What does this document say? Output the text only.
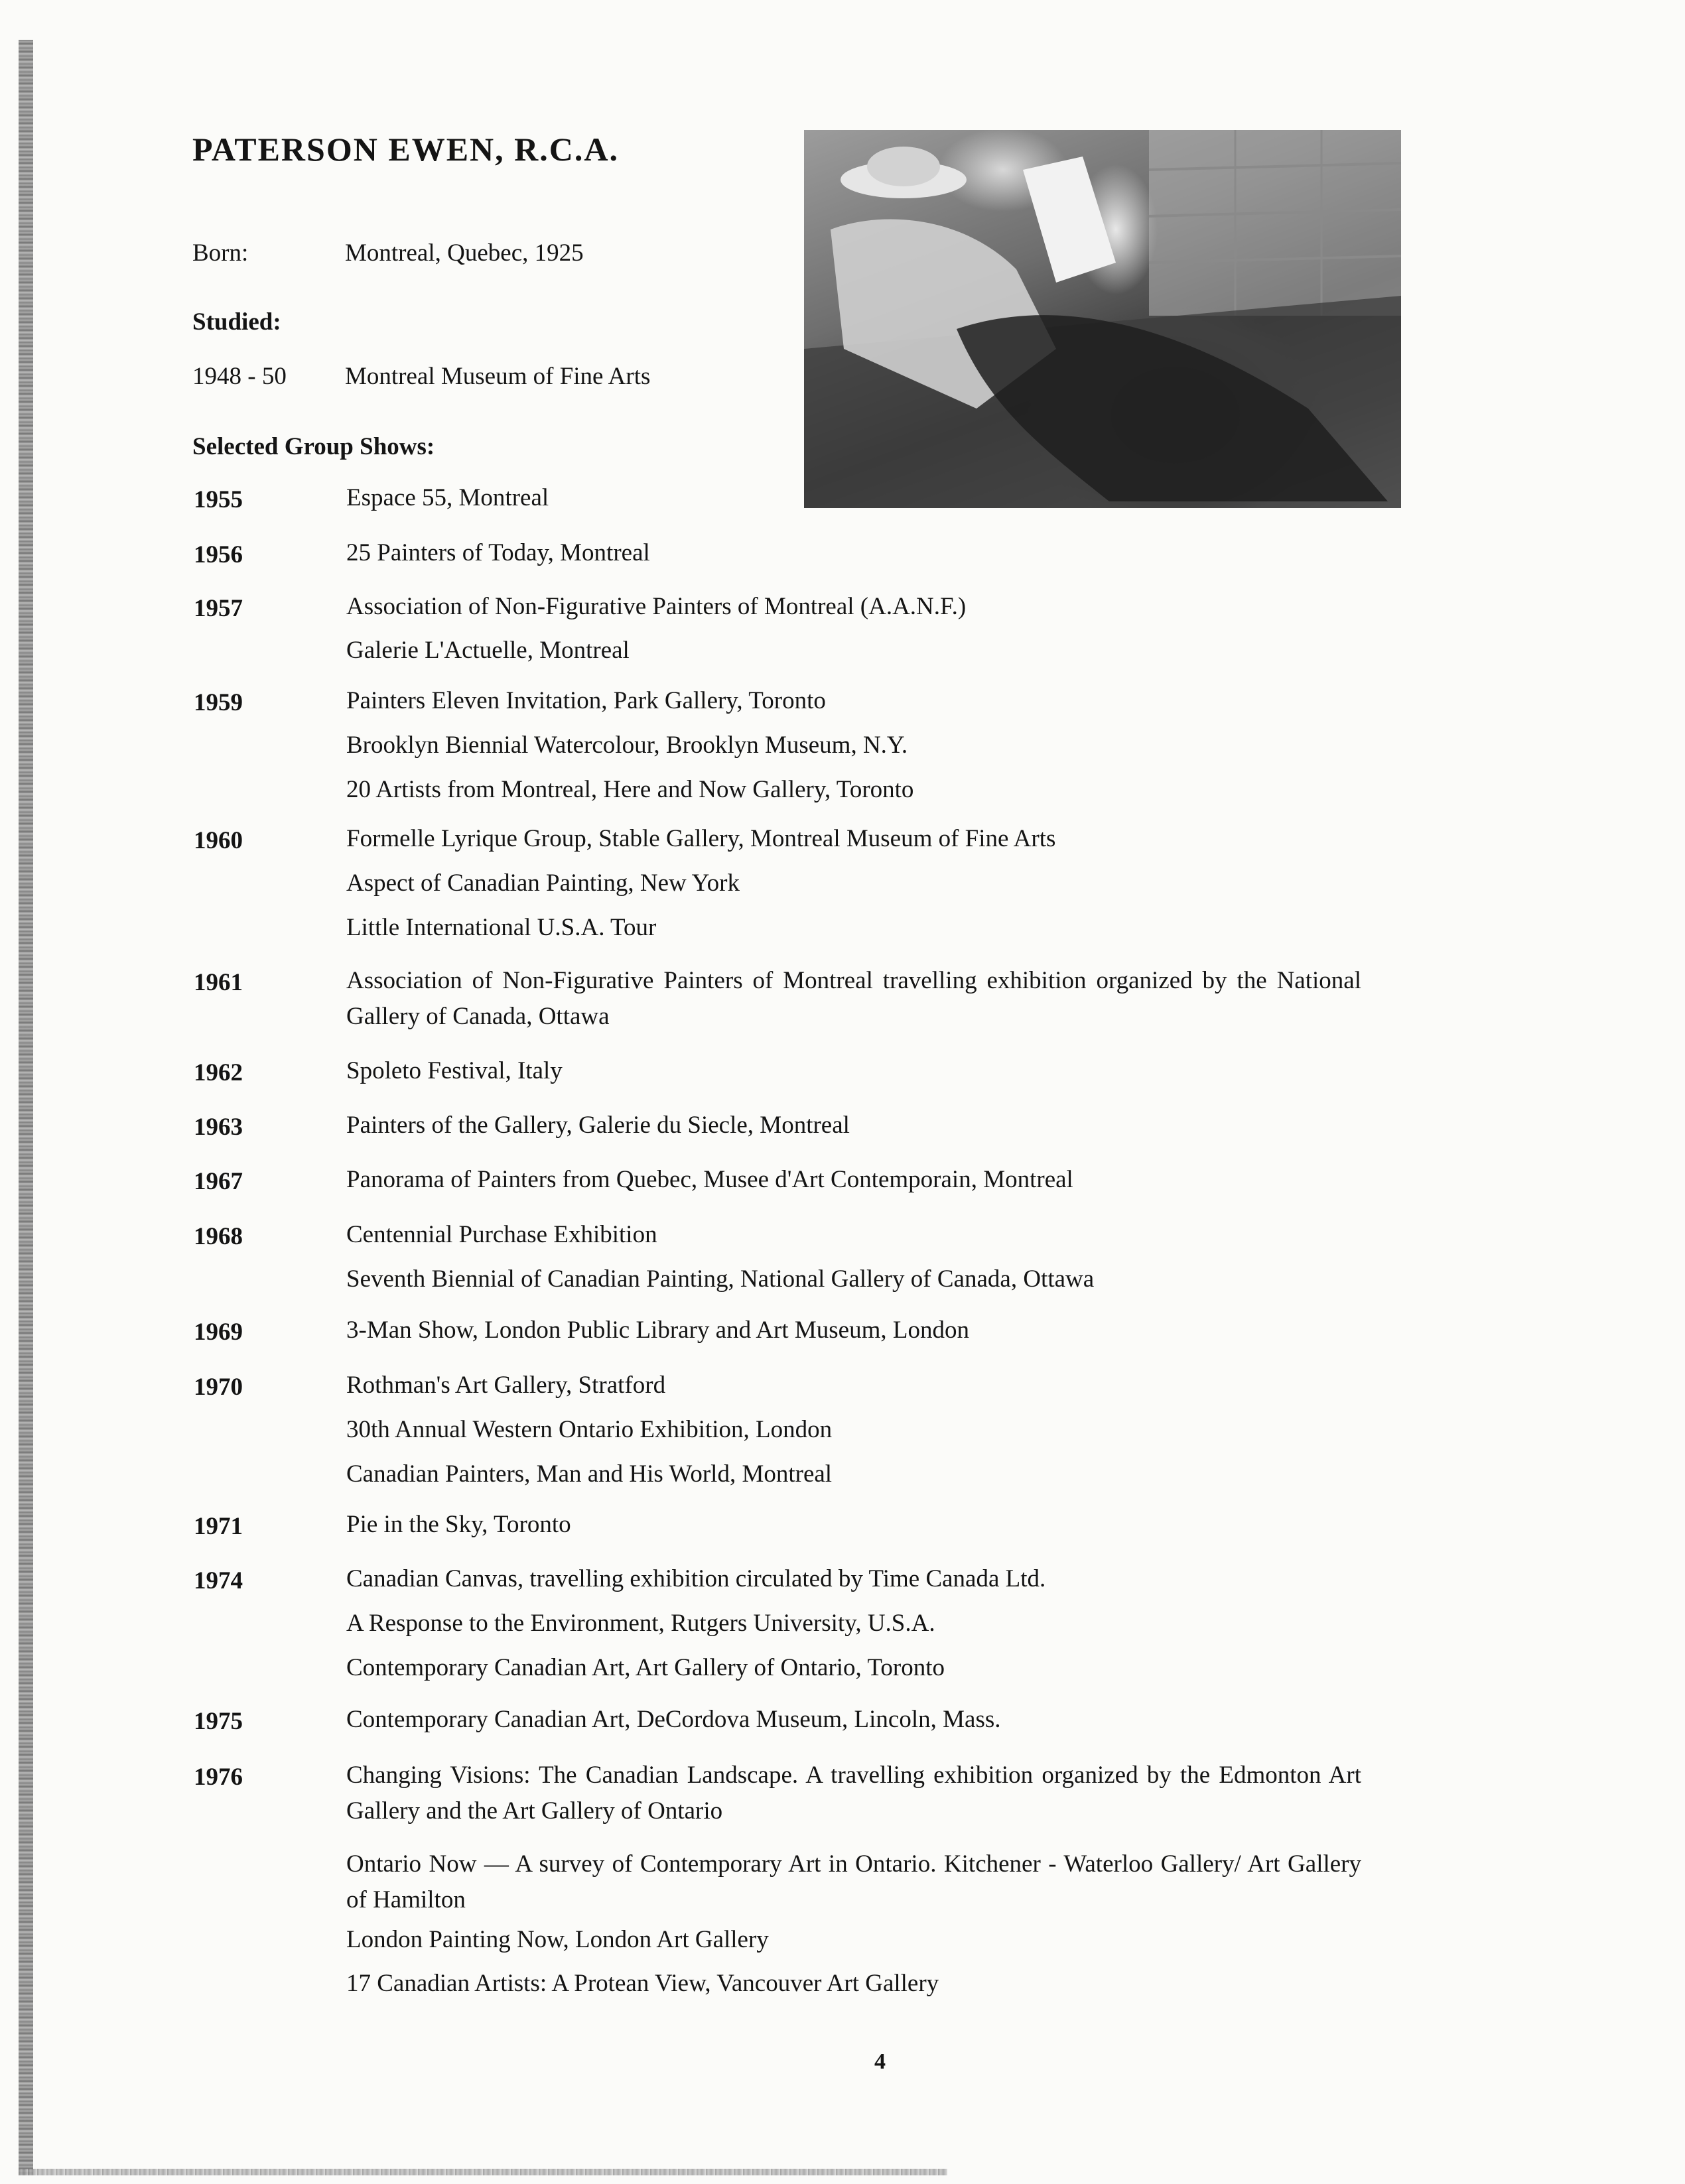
PATERSON EWEN, R.C.A.
Born:	Montreal, Quebec, 1925
Studied:
1948 - 50 Montreal Museum of Fine Arts
Selected Group Shows:
1955	Espace 55, Montreal
1956	25 Painters of Today, Montreal
1957	Association of Non-Figurative Painters of Montreal (A.A.N.F.)
Galerie L'Actuelle, Montreal
1959	Painters Eleven Invitation, Park Gallery, Toronto
Brooklyn Biennial Watercolour, Brooklyn Museum, N.Y.
20 Artists from Montreal, Here and Now Gallery, Toronto
1960	Formelle Lyrique Group, Stable Gallery, Montreal Museum of Fine Arts
Aspect of Canadian Painting, New York
Little International U.S.A. Tour
1961	Association of Non-Figurative Painters of Montreal travelling exhibition organized by the National Gallery of Canada, Ottawa
1962	Spoleto Festival, Italy
1963	Painters of the Gallery, Galerie du Siecle, Montreal
1967	Panorama of Painters from Quebec, Musee d'Art Contemporain, Montreal
1968	Centennial Purchase Exhibition
Seventh Biennial of Canadian Painting, National Gallery of Canada, Ottawa
1969	3-Man Show, London Public Library and Art Museum, London
1970	Rothman's Art Gallery, Stratford
30th Annual Western Ontario Exhibition, London
Canadian Painters, Man and His World, Montreal
1971	Pie in the Sky, Toronto
1974	Canadian Canvas, travelling exhibition circulated by Time Canada Ltd.
A Response to the Environment, Rutgers University, U.S.A.
Contemporary Canadian Art, Art Gallery of Ontario, Toronto
1975	Contemporary Canadian Art, DeCordova Museum, Lincoln, Mass.
1976	Changing Visions: The Canadian Landscape. A travelling exhibition organized by the Edmonton Art Gallery and the Art Gallery of Ontario
Ontario Now — A survey of Contemporary Art in Ontario. Kitchener - Waterloo Gallery/ Art Gallery of Hamilton
London Painting Now, London Art Gallery
17 Canadian Artists: A Protean View, Vancouver Art Gallery
4
